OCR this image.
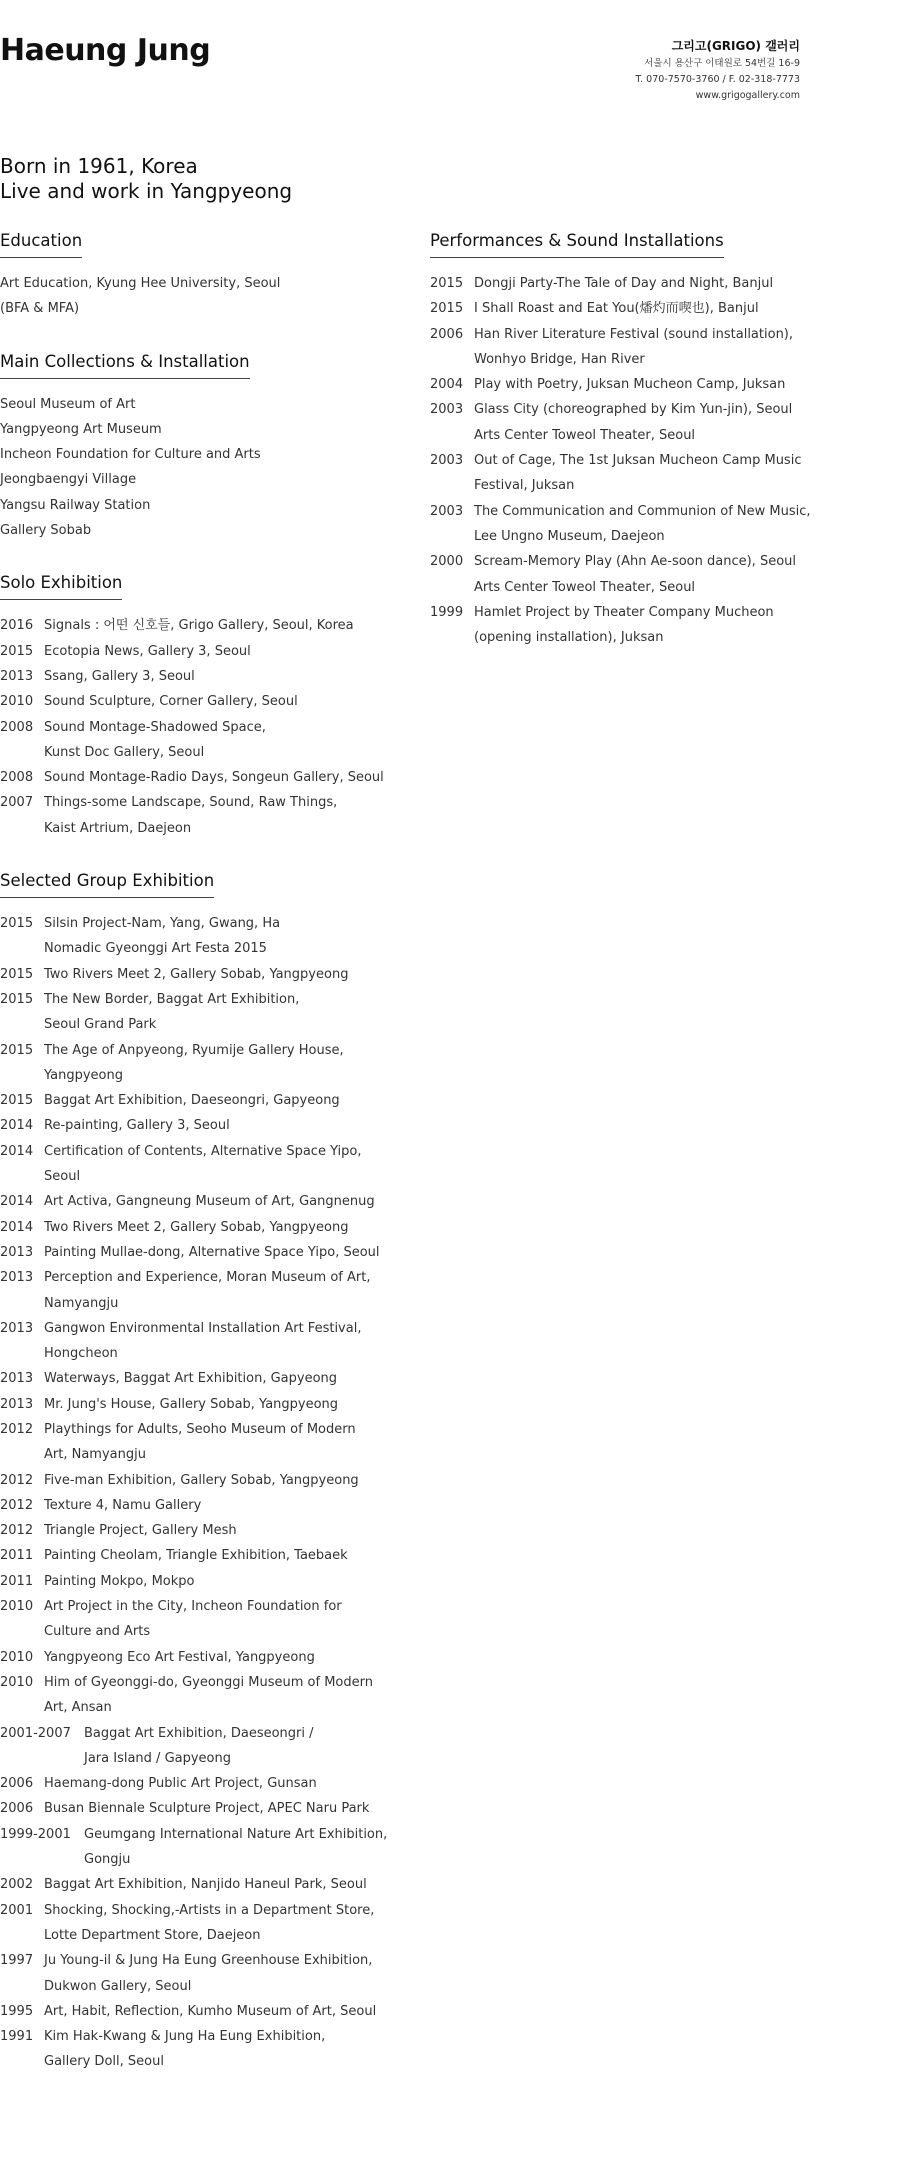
Haeung Jung	그리고(GRIGO) 갤러리
서울시 용산구 이태원로 54번길 16-9
T. 070-7570-3760 / F. 02-318-7773
www.grigogallery.com
Born in 1961, Korea
Live and work in Yangpyeong
Education
Art Education, Kyung Hee University, Seoul
(BFA & MFA)
Main Collections & Installation
Seoul Museum of Art
Yangpyeong Art Museum
Incheon Foundation for Culture and Arts
Jeongbaengyi Village
Yangsu Railway Station
Gallery Sobab
Solo Exhibition
2016 Signals : 어떤 신호들, Grigo Gallery, Seoul, Korea
2015 Ecotopia News, Gallery 3, Seoul
2013 Ssang, Gallery 3, Seoul
2010 Sound Sculpture, Corner Gallery, Seoul
2008 Sound Montage-Shadowed Space,
Kunst Doc Gallery, Seoul
2008 Sound Montage-Radio Days, Songeun Gallery, Seoul
2007 Things-some Landscape, Sound, Raw Things,
Kaist Artrium, Daejeon
Selected Group Exhibition
2015 Silsin Project-Nam, Yang, Gwang, Ha
Nomadic Gyeonggi Art Festa 2015
2015 Two Rivers Meet 2, Gallery Sobab, Yangpyeong
2015 The New Border, Baggat Art Exhibition,
Seoul Grand Park
2015 The Age of Anpyeong, Ryumije Gallery House,
Yangpyeong
2015 Baggat Art Exhibition, Daeseongri, Gapyeong
2014 Re-painting, Gallery 3, Seoul
2014 Certification of Contents, Alternative Space Yipo,
Seoul
2014 Art Activa, Gangneung Museum of Art, Gangnenug
2014 Two Rivers Meet 2, Gallery Sobab, Yangpyeong
2013 Painting Mullae-dong, Alternative Space Yipo, Seoul
2013 Perception and Experience, Moran Museum of Art,
Namyangju
2013 Gangwon Environmental Installation Art Festival,
Hongcheon
2013 Waterways, Baggat Art Exhibition, Gapyeong
2013 Mr. Jung's House, Gallery Sobab, Yangpyeong
2012 Playthings for Adults, Seoho Museum of Modern
Art, Namyangju
2012 Five-man Exhibition, Gallery Sobab, Yangpyeong
2012 Texture 4, Namu Gallery
2012 Triangle Project, Gallery Mesh
2011 Painting Cheolam, Triangle Exhibition, Taebaek
2011 Painting Mokpo, Mokpo
2010 Art Project in the City, Incheon Foundation for
Culture and Arts
2010 Yangpyeong Eco Art Festival, Yangpyeong
2010 Him of Gyeonggi-do, Gyeonggi Museum of Modern
Art, Ansan
2001-2007	Baggat Art Exhibition, Daeseongri /
Jara Island / Gapyeong
2006 Haemang-dong Public Art Project, Gunsan
2006 Busan Biennale Sculpture Project, APEC Naru Park
1999-2001	Geumgang International Nature Art Exhibition,
Gongju
2002 Baggat Art Exhibition, Nanjido Haneul Park, Seoul
2001 Shocking, Shocking,-Artists in a Department Store,
Lotte Department Store, Daejeon
1997 Ju Young-il & Jung Ha Eung Greenhouse Exhibition,
Dukwon Gallery, Seoul
1995 Art, Habit, Reflection, Kumho Museum of Art, Seoul
1991 Kim Hak-Kwang & Jung Ha Eung Exhibition,
Gallery Doll, Seoul
Performances & Sound Installations
2015 Dongji Party-The Tale of Day and Night, Banjul
2015 I Shall Roast and Eat You(燔灼而喫也), Banjul
2006 Han River Literature Festival (sound installation),
Wonhyo Bridge, Han River
2004 Play with Poetry, Juksan Mucheon Camp, Juksan
2003 Glass City (choreographed by Kim Yun-jin), Seoul
Arts Center Toweol Theater, Seoul
2003 Out of Cage, The 1st Juksan Mucheon Camp Music
Festival, Juksan
2003 The Communication and Communion of New Music,
Lee Ungno Museum, Daejeon
2000 Scream-Memory Play (Ahn Ae-soon dance), Seoul
Arts Center Toweol Theater, Seoul
1999 Hamlet Project by Theater Company Mucheon
(opening installation), Juksan
